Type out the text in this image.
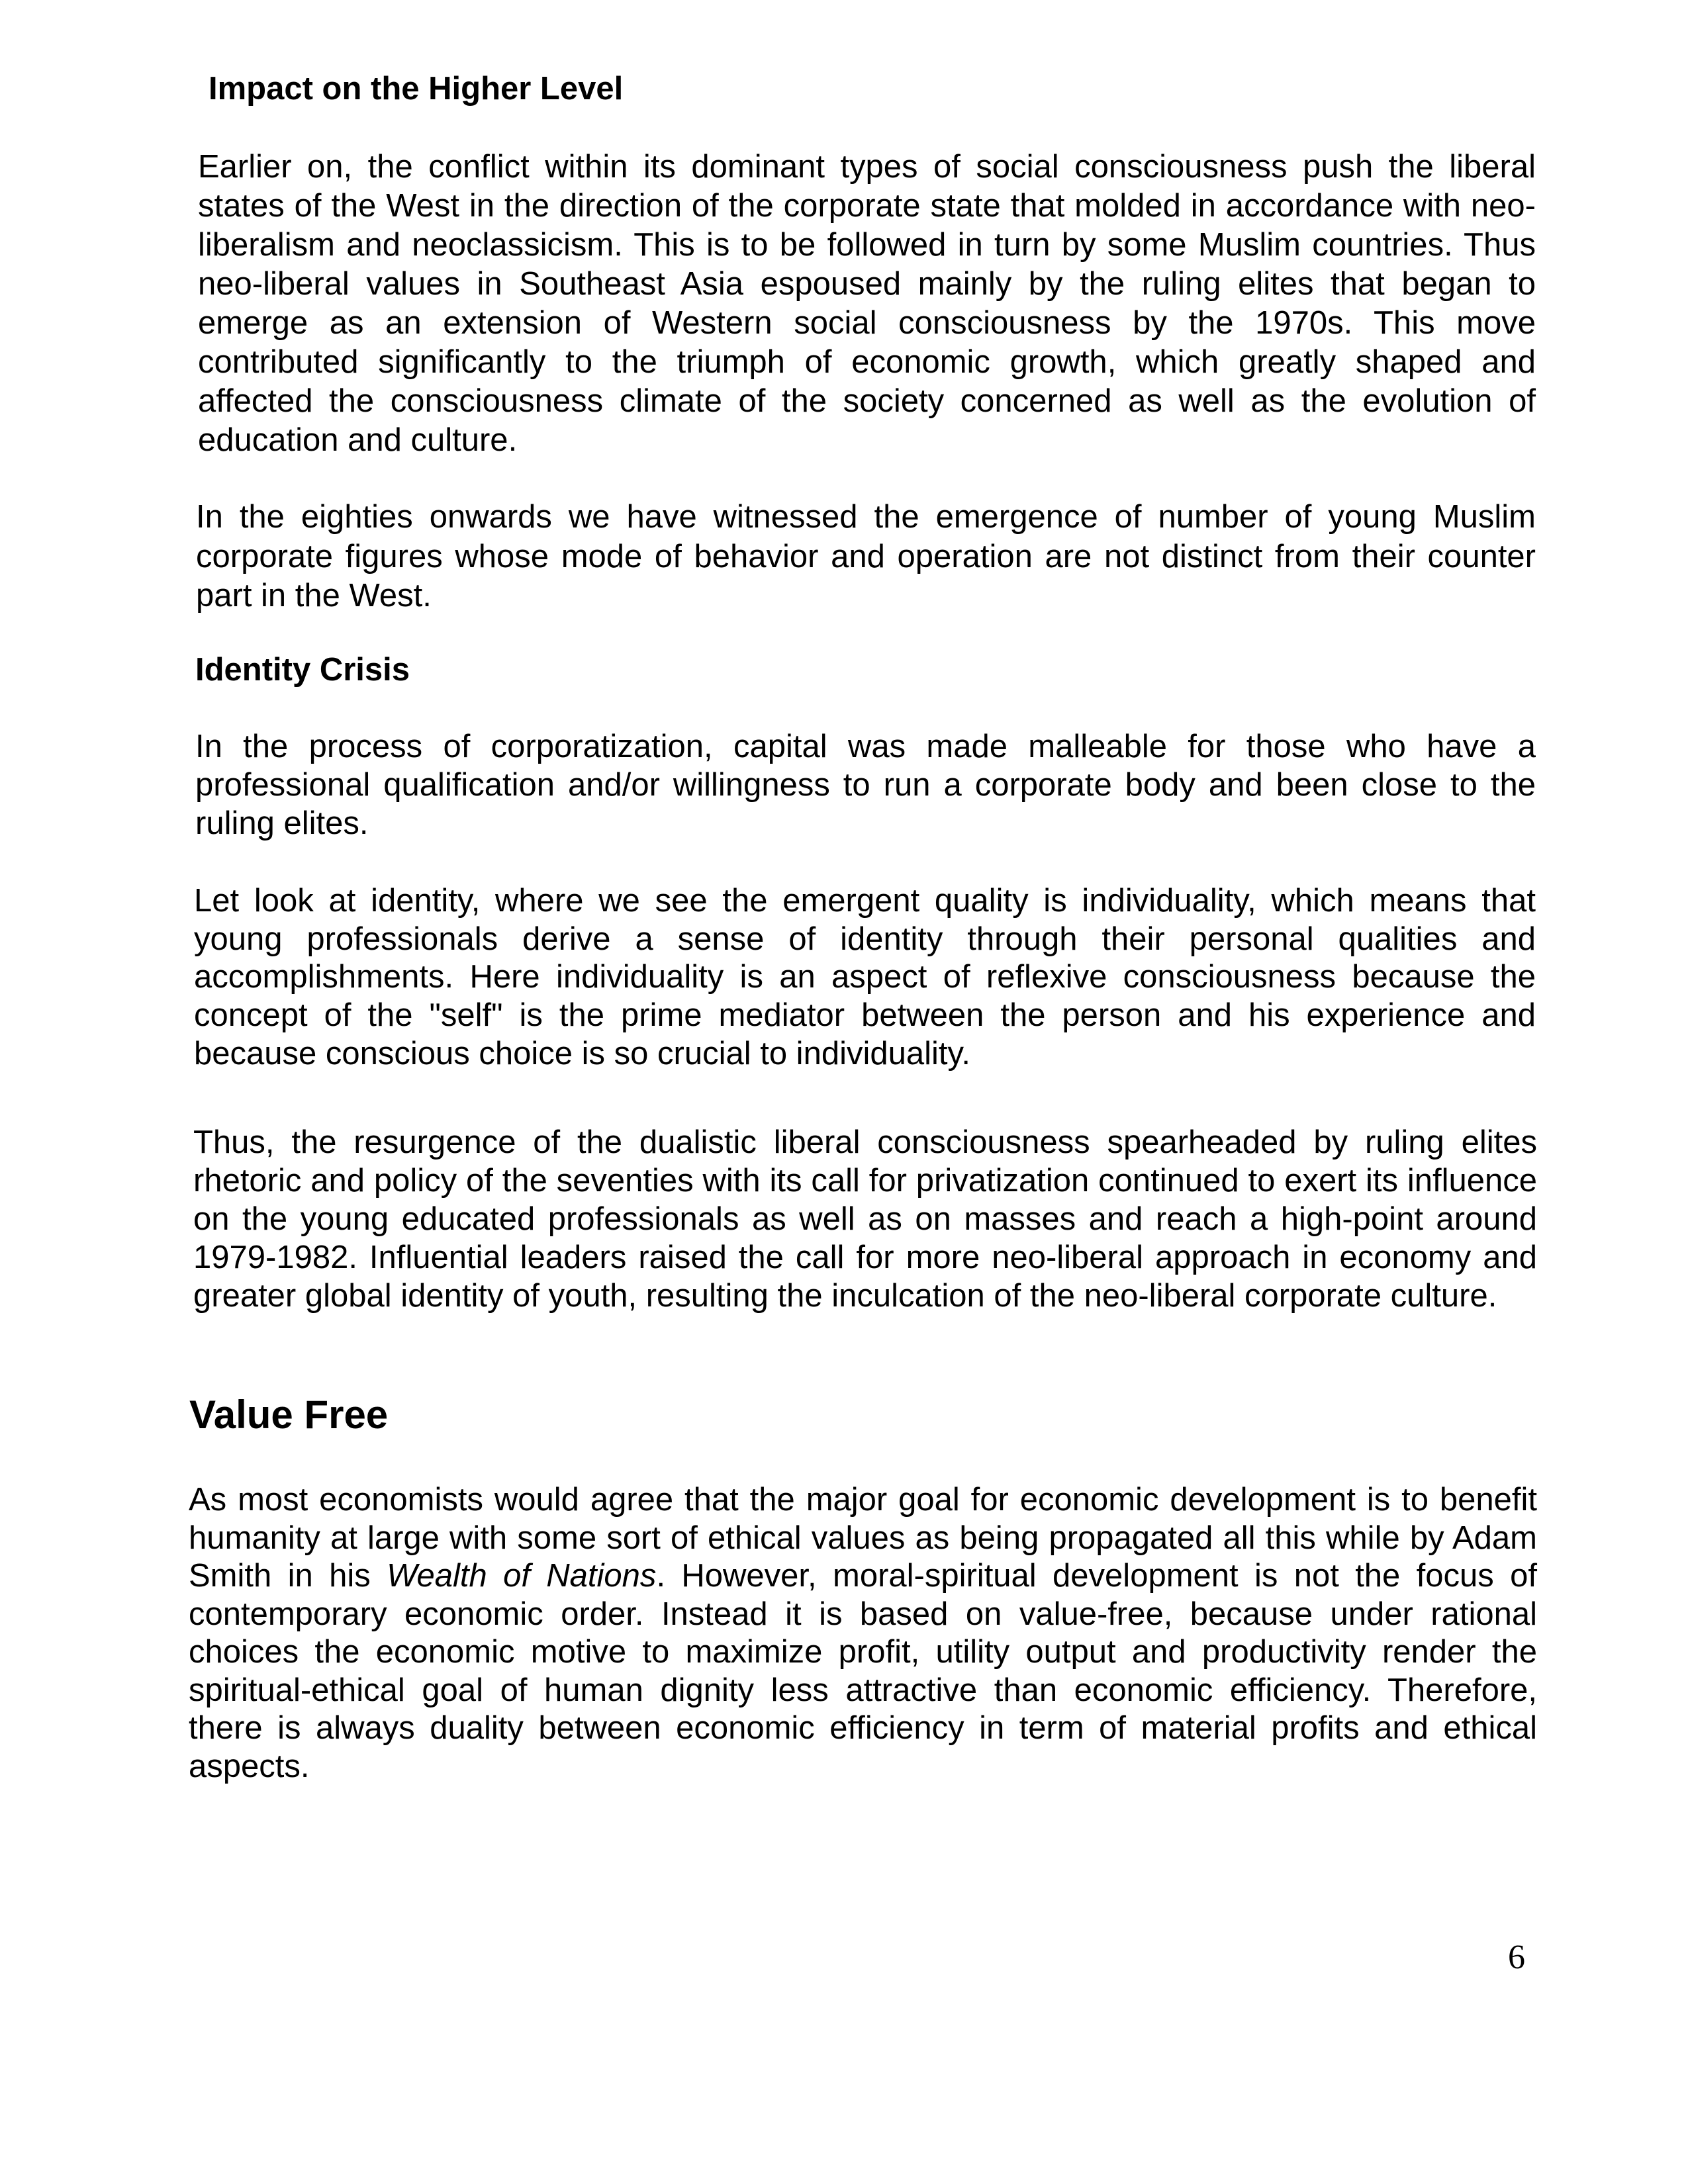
Impact on the Higher Level

Earlier on, the conflict within its dominant types of social consciousness push the liberal states of the West in the direction of the corporate state that molded in accordance with neo-liberalism and neoclassicism. This is to be followed in turn by some Muslim countries. Thus neo-liberal values in Southeast Asia espoused mainly by the ruling elites that began to emerge as an extension of Western social consciousness by the 1970s. This move contributed significantly to the triumph of economic growth, which greatly shaped and affected the consciousness climate of the society concerned as well as the evolution of education and culture.

In the eighties onwards we have witnessed the emergence of number of young Muslim corporate figures whose mode of behavior and operation are not distinct from their counter part in the West.

Identity Crisis

In the process of corporatization, capital was made malleable for those who have a professional qualification and/or willingness to run a corporate body and been close to the ruling elites.

Let look at identity, where we see the emergent quality is individuality, which means that young professionals derive a sense of identity through their personal qualities and accomplishments. Here individuality is an aspect of reflexive consciousness because the concept of the "self" is the prime mediator between the person and his experience and because conscious choice is so crucial to individuality.

Thus, the resurgence of the dualistic liberal consciousness spearheaded by ruling elites rhetoric and policy of the seventies with its call for privatization continued to exert its influence on the young educated professionals as well as on masses and reach a high-point around 1979-1982. Influential leaders raised the call for more neo-liberal approach in economy and greater global identity of youth, resulting the inculcation of the neo-liberal corporate culture.

Value Free

As most economists would agree that the major goal for economic development is to benefit humanity at large with some sort of ethical values as being propagated all this while by Adam Smith in his Wealth of Nations. However, moral-spiritual development is not the focus of contemporary economic order. Instead it is based on value-free, because under rational choices the economic motive to maximize profit, utility output and productivity render the spiritual-ethical goal of human dignity less attractive than economic efficiency. Therefore, there is always duality between economic efficiency in term of material profits and ethical aspects.

6
